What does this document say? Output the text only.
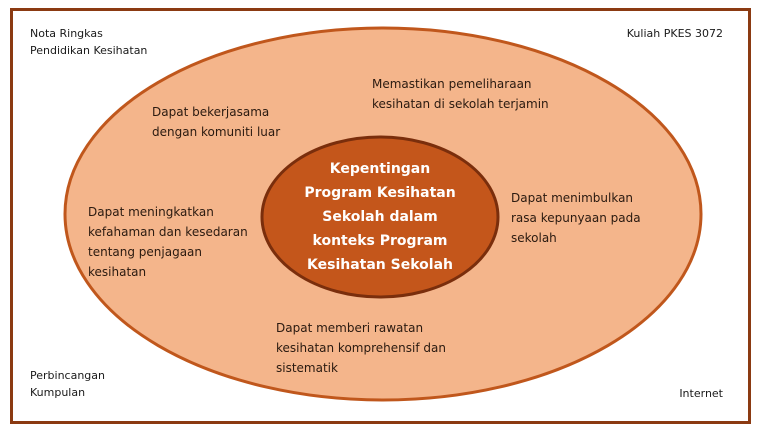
Nota Ringkas
Pendidikan Kesihatan
Kuliah PKES 3072
Perbincangan
Kumpulan	Internet
Dapat bekerjasama
dengan komuniti luar
Memastikan pemeliharaan
kesihatan di sekolah terjamin
Dapat meningkatkan
kefahaman dan kesedaran
tentang penjagaan
kesihatan
Dapat menimbulkan
rasa kepunyaan pada
sekolah
Dapat memberi rawatan
kesihatan komprehensif dan
sistematik
Kepentingan
Program Kesihatan
Sekolah dalam
konteks Program
Kesihatan Sekolah
